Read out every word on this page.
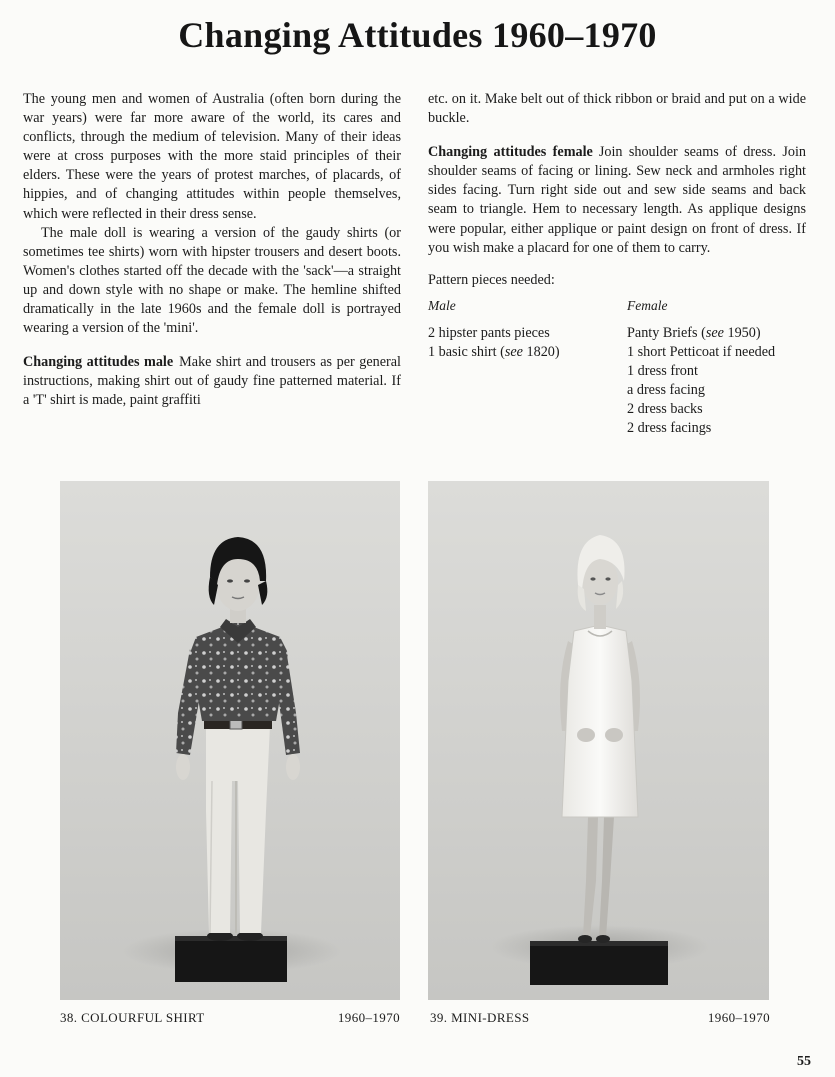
Changing Attitudes 1960–1970

The young men and women of Australia (often born during the war years) were far more aware of the world, its cares and conflicts, through the medium of television. Many of their ideas were at cross purposes with the more staid principles of their elders. These were the years of protest marches, of placards, of hippies, and of changing attitudes within people themselves, which were reflected in their dress sense.

The male doll is wearing a version of the gaudy shirts (or sometimes tee shirts) worn with hipster trousers and desert boots. Women's clothes started off the decade with the 'sack'—a straight up and down style with no shape or make. The hemline shifted dramatically in the late 1960s and the female doll is portrayed wearing a version of the 'mini'.

Changing attitudes male Make shirt and trousers as per general instructions, making shirt out of gaudy fine patterned material. If a 'T' shirt is made, paint graffiti

etc. on it. Make belt out of thick ribbon or braid and put on a wide buckle.

Changing attitudes female Join shoulder seams of dress. Join shoulder seams of facing or lining. Sew neck and armholes right sides facing. Turn right side out and sew side seams and back seam to triangle. Hem to necessary length. As applique designs were popular, either applique or paint design on front of dress. If you wish make a placard for one of them to carry.

Pattern pieces needed:

Male
2 hipster pants pieces
1 basic shirt (see 1820)
Female
Panty Briefs (see 1950)
1 short Petticoat if needed
1 dress front
a dress facing
2 dress backs
2 dress facings
38. COLOURFUL SHIRT	1960–1970 39. MINI-DRESS	1960–1970
55
